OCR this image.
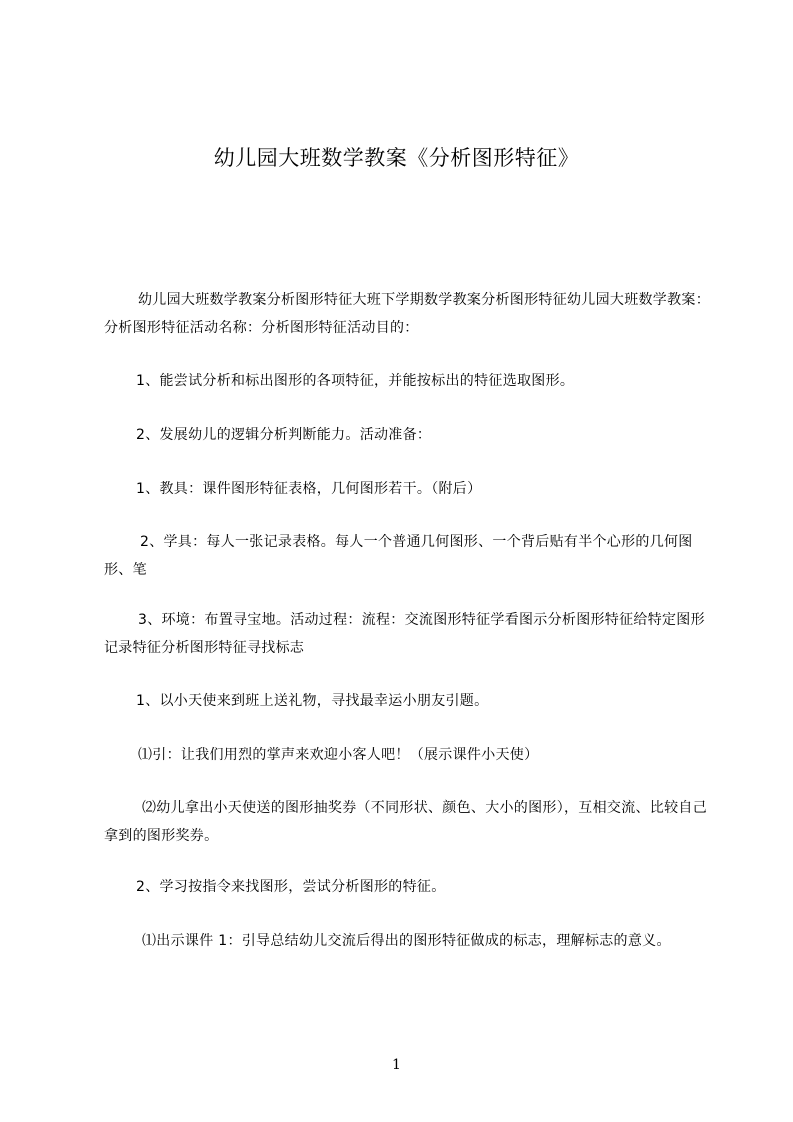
幼儿园大班数学教案《分析图形特征》
幼儿园大班数学教案分析图形特征大班下学期数学教案分析图形特征幼儿园大班数学教案：分析图形特征活动名称：分析图形特征活动目的：
1、能尝试分析和标出图形的各项特征，并能按标出的特征选取图形。
2、发展幼儿的逻辑分析判断能力。活动准备：
1、教具：课件图形特征表格，几何图形若干。（附后）
2、学具：每人一张记录表格。每人一个普通几何图形、一个背后贴有半个心形的几何图形、笔
3、环境：布置寻宝地。活动过程：流程：交流图形特征学看图示分析图形特征给特定图形记录特征分析图形特征寻找标志
1、以小天使来到班上送礼物，寻找最幸运小朋友引题。
⑴引：让我们用烈的掌声来欢迎小客人吧！（展示课件小天使）
⑵幼儿拿出小天使送的图形抽奖券（不同形状、颜色、大小的图形），互相交流、比较自己拿到的图形奖券。
2、学习按指令来找图形，尝试分析图形的特征。
⑴出示课件 1：引导总结幼儿交流后得出的图形特征做成的标志，理解标志的意义。
1
